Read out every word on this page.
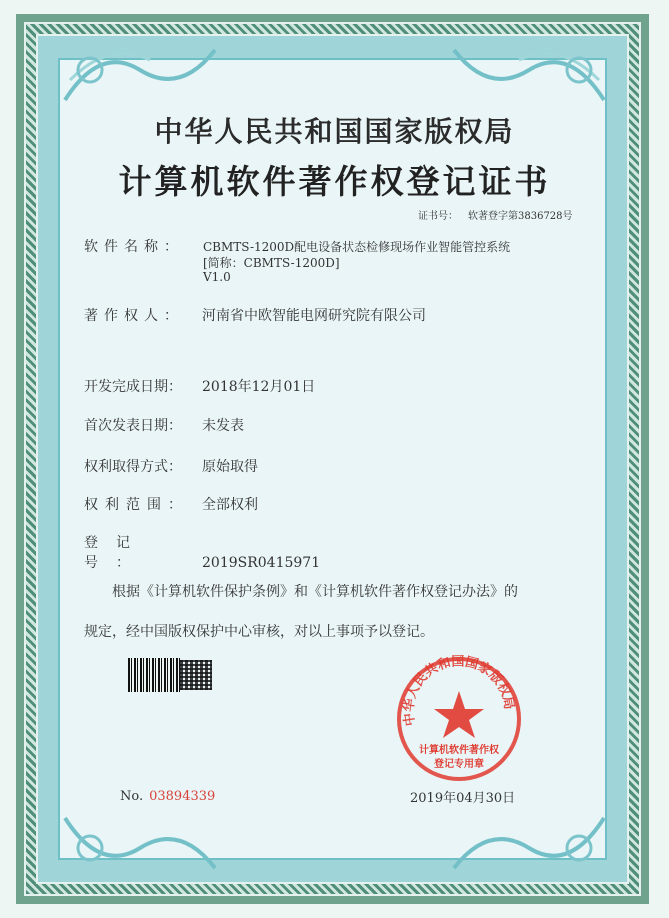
中华人民共和国国家版权局
计算机软件著作权登记证书
证书号： 软著登字第3836728号
软件名称：	CBMTS-1200D配电设备状态检修现场作业智能管控系统
[简称：CBMTS-1200D]
V1.0
著作权人： 河南省中欧智能电网研究院有限公司
开发完成日期： 2018年12月01日
首次发表日期： 未发表
权利取得方式： 原始取得
权利范围： 全部权利
登记号：	2019SR0415971
根据《计算机软件保护条例》和《计算机软件著作权登记办法》的
规定，经中国版权保护中心审核，对以上事项予以登记。
No. 03894339
中华人民共和国国家版权局
计算机软件著作权
登记专用章
2019年04月30日
